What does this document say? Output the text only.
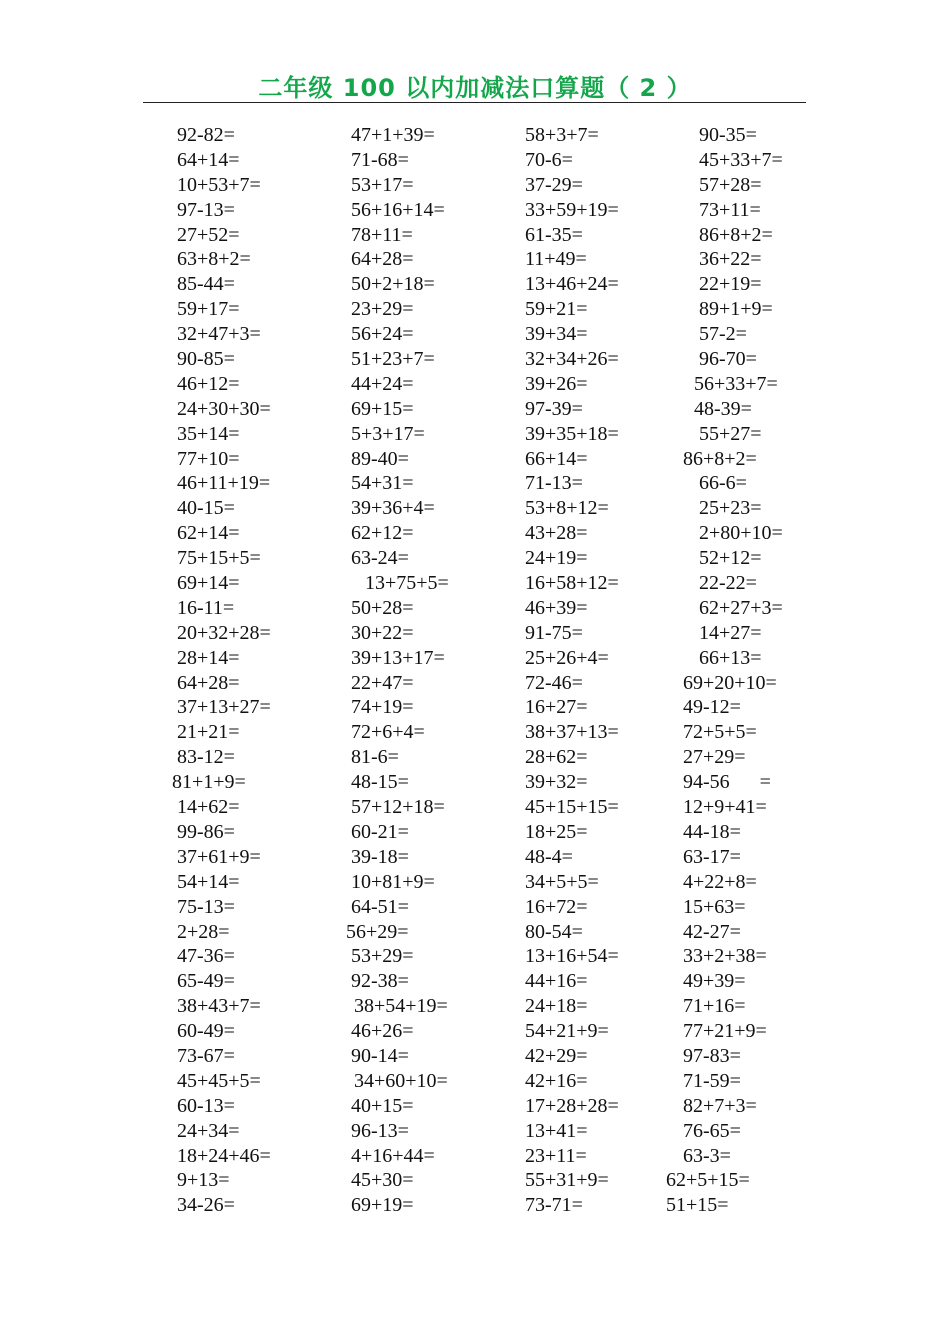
二年级 100 以内加减法口算题（ 2 ）
92-82=
64+14=
10+53+7=
97-13=
27+52=
63+8+2=
85-44=
59+17=
32+47+3=
90-85=
46+12=
24+30+30=
35+14=
77+10=
46+11+19=
40-15=
62+14=
75+15+5=
69+14=
16-11=
20+32+28=
28+14=
64+28=
37+13+27=
21+21=
83-12=
81+1+9=
14+62=
99-86=
37+61+9=
54+14=
75-13=
2+28=
47-36=
65-49=
38+43+7=
60-49=
73-67=
45+45+5=
60-13=
24+34=
18+24+46=
9+13=
34-26=
47+1+39=
71-68=
53+17=
56+16+14=
78+11=
64+28=
50+2+18=
23+29=
56+24=
51+23+7=
44+24=
69+15=
5+3+17=
89-40=
54+31=
39+36+4=
62+12=
63-24=
13+75+5=
50+28=
30+22=
39+13+17=
22+47=
74+19=
72+6+4=
81-6=
48-15=
57+12+18=
60-21=
39-18=
10+81+9=
64-51=
56+29=
53+29=
92-38=
38+54+19=
46+26=
90-14=
34+60+10=
40+15=
96-13=
4+16+44=
45+30=
69+19=
58+3+7=
70-6=
37-29=
33+59+19=
61-35=
11+49=
13+46+24=
59+21=
39+34=
32+34+26=
39+26=
97-39=
39+35+18=
66+14=
71-13=
53+8+12=
43+28=
24+19=
16+58+12=
46+39=
91-75=
25+26+4=
72-46=
16+27=
38+37+13=
28+62=
39+32=
45+15+15=
18+25=
48-4=
34+5+5=
16+72=
80-54=
13+16+54=
44+16=
24+18=
54+21+9=
42+29=
42+16=
17+28+28=
13+41=
23+11=
55+31+9=
73-71=
90-35=
45+33+7=
57+28=
73+11=
86+8+2=
36+22=
22+19=
89+1+9=
57-2=
96-70=
56+33+7=
48-39=
55+27=
86+8+2=
66-6=
25+23=
2+80+10=
52+12=
22-22=
62+27+3=
14+27=
66+13=
69+20+10=
49-12=
72+5+5=
27+29=
94-56      =
12+9+41=
44-18=
63-17=
4+22+8=
15+63=
42-27=
33+2+38=
49+39=
71+16=
77+21+9=
97-83=
71-59=
82+7+3=
76-65=
63-3=
62+5+15=
51+15=
